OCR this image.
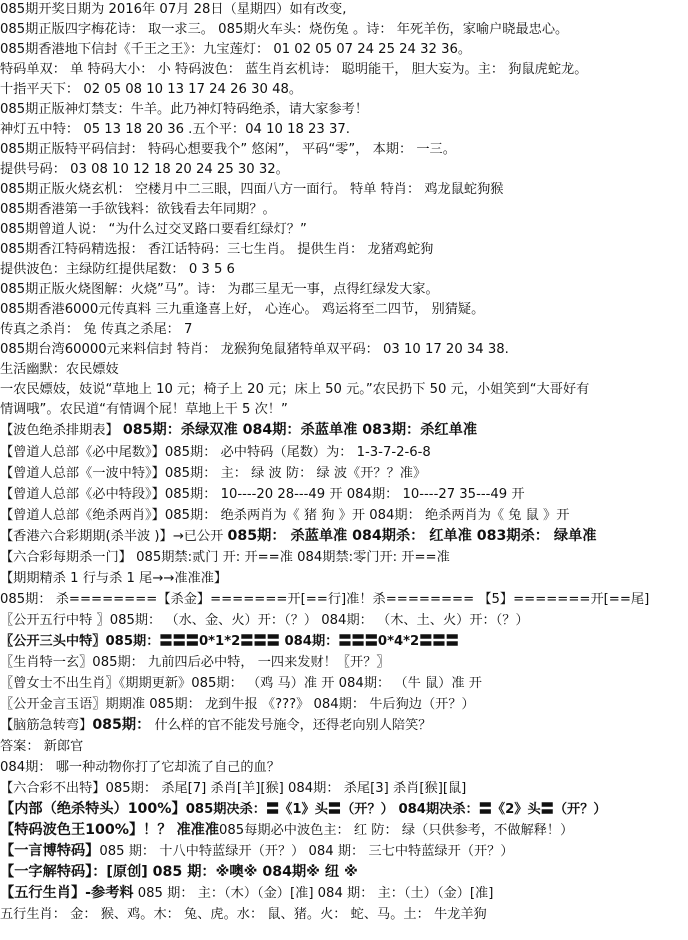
085期开奖日期为 2016年 07月 28日（星期四）如有改变,
085期正版四字梅花诗： 取一求三。 085期火车头：烧伤兔 。诗： 年死羊伤，家喻户晓最忠心。
085期香港地下信封《千王之王》：九宝莲灯： 01 02 05 07 24 25 24 32 36。
特码单双： 单 特码大小： 小 特码波色： 蓝生肖玄机诗： 聪明能干， 胆大妄为。主： 狗鼠虎蛇龙。
十指平天下： 02 05 08 10 13 17 24 26 30 48。
085期正版神灯禁支：牛羊。此乃神灯特码绝杀，请大家参考！
神灯五中特： 05 13 18 20 36 .五个平：04 10 18 23 37.
085期正版特平码信封： 特码心想要我个” 悠闲”， 平码“零”， 本期： 一三。
提供号码： 03 08 10 12 18 20 24 25 30 32。
085期正版火烧玄机： 空楼月中二三眼，四面八方一面行。 特单 特肖： 鸡龙鼠蛇狗猴
085期香港第一手欲钱料：欲钱看去年同期？。
085期曾道人说： “为什么过交叉路口要看红绿灯？”
085期香江特码精选报： 香江话特码：三七生肖。 提供生肖： 龙猪鸡蛇狗
提供波色：主绿防红提供尾数： 0 3 5 6
085期正版火烧图解：火烧”马”。诗： 为郡三星无一事，点得红绿发大家。
085期香港6000元传真料 三九重逢喜上好， 心连心。 鸡运将至二四节， 别猜疑。
传真之杀肖： 兔 传真之杀尾： 7
085期台湾60000元来料信封 特肖： 龙猴狗兔鼠猪特单双平码： 03 10 17 20 34 38.
生活幽默：农民嫖妓
一农民嫖妓，妓说“草地上 10 元；椅子上 20 元；床上 50 元。”农民扔下 50 元，小姐笑到“大哥好有
情调哦”。农民道“有情调个屁！草地上干 5 次！”
【波色绝杀排期表】 085期：杀绿双准 084期：杀蓝单准 083期：杀红单准
【曾道人总部《必中尾数》】085期： 必中特码（尾数）为： 1-3-7-2-6-8
【曾道人总部《一波中特》】085期： 主： 绿 波 防： 绿 波《开？？准》
【曾道人总部《必中特段》】085期： 10----20 28---49 开 084期： 10----27 35---49 开
【曾道人总部《绝杀两肖》】085期： 绝杀两肖为《 猪 狗 》开 084期： 绝杀两肖为《 兔 鼠 》开
【香港六合彩期期(杀半波 )】→已公开 085期： 杀蓝单准 084期杀： 红单准 083期杀： 绿单准
【六合彩每期杀一门】 085期禁:贰门 开: 开==准 084期禁:零门开: 开==准
【期期精杀 1 行与杀 1 尾→→准准准】
085期： 杀========【杀金】=======开[==行]准！杀======== 【5】=======开[==尾]
〖公开五行中特 〗085期： （水、金、火）开：（？） 084期： （木、土、火）开：（？）
〖公开三头中特〗085期：〓〓〓0*1*2〓〓〓 084期：〓〓〓0*4*2〓〓〓
〖生肖特一玄〗085期： 九前四后必中特， 一四来发财！〖开？〗
〖曾女士不出生肖〗《期期更新》085期： （鸡 马）准 开 084期： （牛 鼠）准 开
〖公开金言玉语〗期期准 085期： 龙到牛报 《???》 084期： 牛后狗边（开？）
【脑筋急转弯】085期： 什么样的官不能发号施令，还得老向别人陪笑？
答案： 新郎官
084期： 哪一种动物你打了它却流了自己的血？
【六合彩不出特】085期： 杀尾[7] 杀肖[羊][猴] 084期： 杀尾[3] 杀肖[猴][鼠]
【内部（绝杀特头）100%】085期决杀：〓《1》头〓（开？） 084期决杀：〓《2》头〓（开？）
【特码波色王100%】！？ 准准准085每期必中波色主： 红 防： 绿（只供参考，不做解释！）
【一言博特码】085 期： 十八中特蓝绿开（开？） 084 期： 三七中特蓝绿开（开？）
【一字解特码】：[原创] 085 期：※噢※ 084期※ 纽 ※
【五行生肖】-参考料 085 期： 主：（木）（金）[准] 084 期： 主：（土）（金）[准]
五行生肖： 金： 猴、鸡。木： 兔、虎。水： 鼠、猪。火： 蛇、马。土： 牛龙羊狗
